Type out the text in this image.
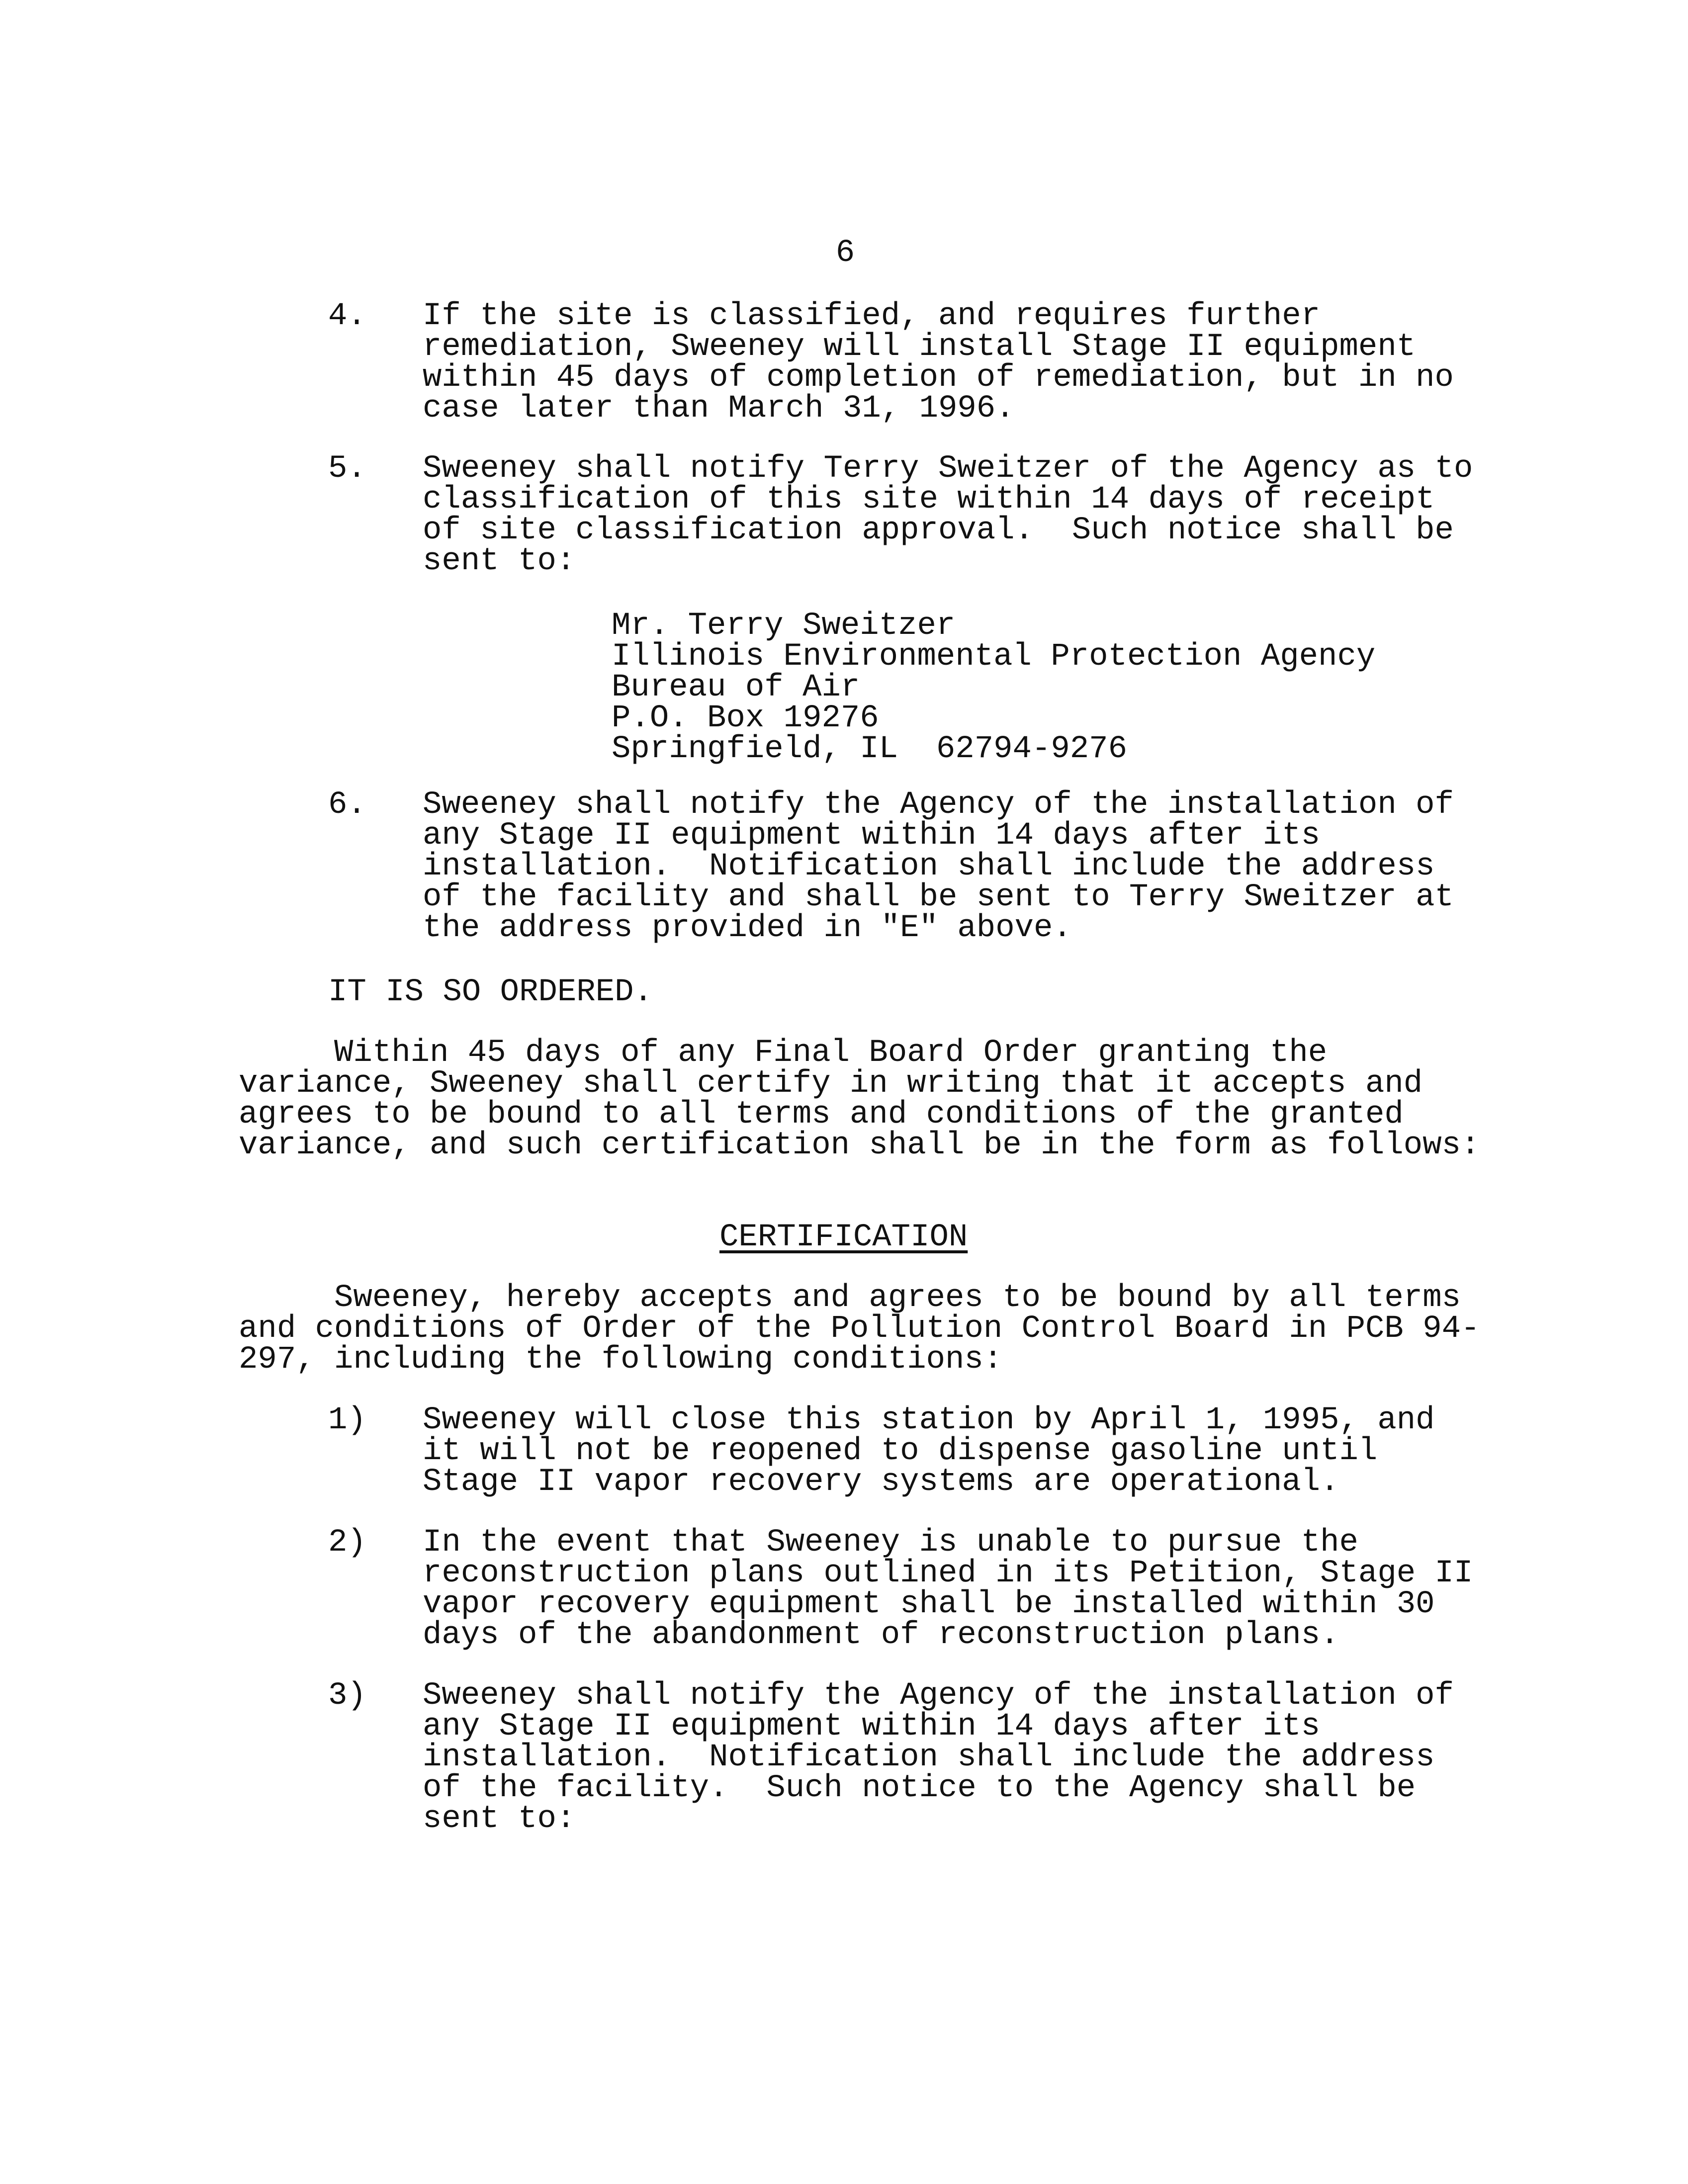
6
4.	If the site is classified, and requires further
remediation, Sweeney will install Stage II equipment
within 45 days of completion of remediation, but in no
case later than March 31, 1996.
5.	Sweeney shall notify Terry Sweitzer of the Agency as to
classification of this site within 14 days of receipt
of site classification approval.  Such notice shall be
sent to:
Mr. Terry Sweitzer
Illinois Environmental Protection Agency
Bureau of Air
P.O. Box 19276
Springfield, IL  62794-9276
6.	Sweeney shall notify the Agency of the installation of
any Stage II equipment within 14 days after its
installation.  Notification shall include the address
of the facility and shall be sent to Terry Sweitzer at
the address provided in "E" above.
IT IS SO ORDERED.
Within 45 days of any Final Board Order granting the
variance, Sweeney shall certify in writing that it accepts and
agrees to be bound to all terms and conditions of the granted
variance, and such certification shall be in the form as follows:
CERTIFICATION
Sweeney, hereby accepts and agrees to be bound by all terms
and conditions of Order of the Pollution Control Board in PCB 94-
297, including the following conditions:
1)	Sweeney will close this station by April 1, 1995, and
it will not be reopened to dispense gasoline until
Stage II vapor recovery systems are operational.
2)	In the event that Sweeney is unable to pursue the
reconstruction plans outlined in its Petition, Stage II
vapor recovery equipment shall be installed within 30
days of the abandonment of reconstruction plans.
3)	Sweeney shall notify the Agency of the installation of
any Stage II equipment within 14 days after its
installation.  Notification shall include the address
of the facility.  Such notice to the Agency shall be
sent to:
